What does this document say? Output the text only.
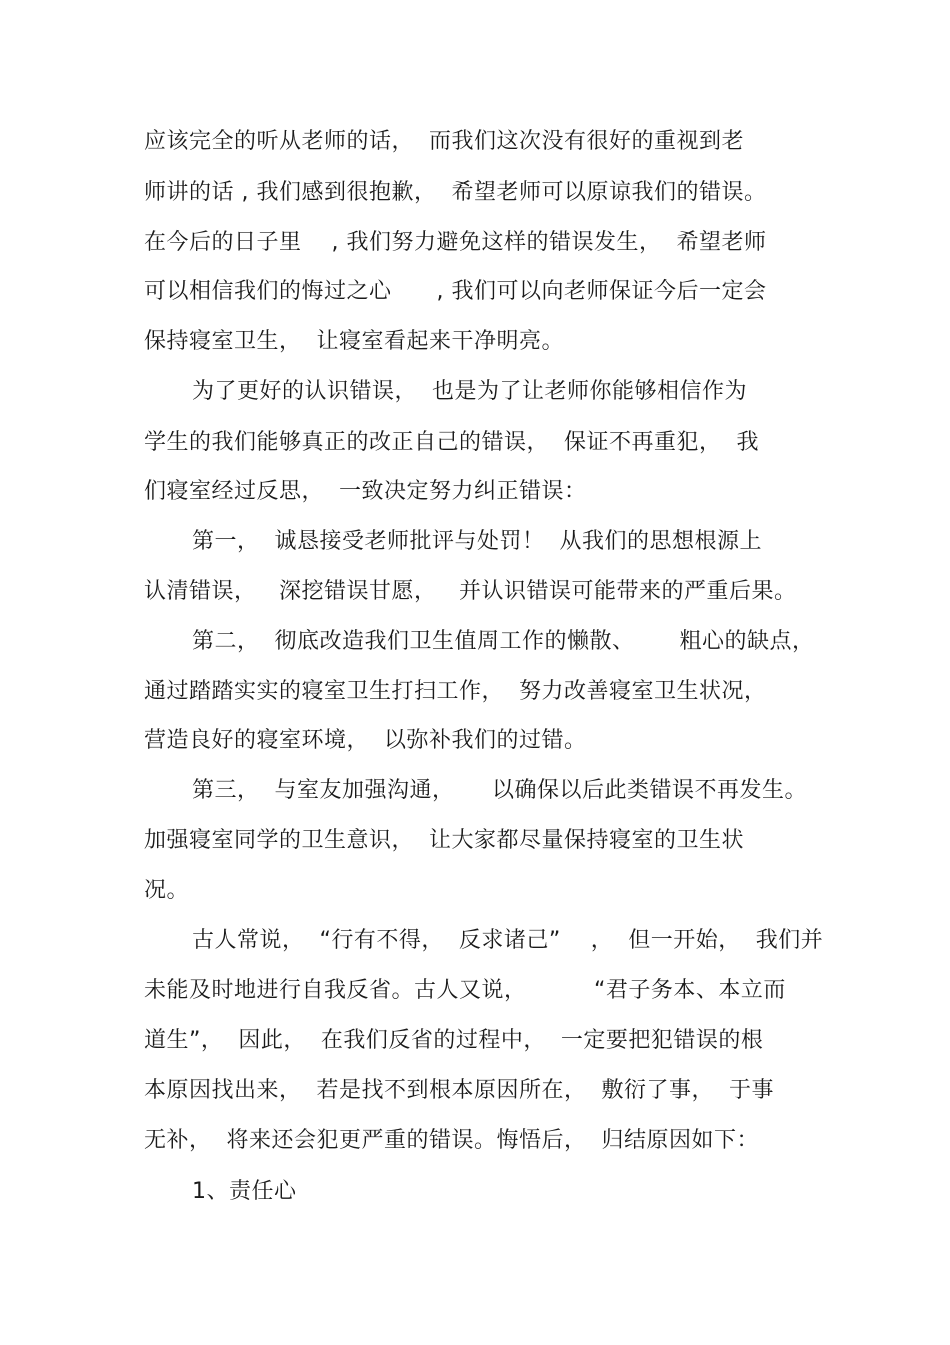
应该完全的听从老师的话，  而我们这次没有很好的重视到老
师讲的话 , 我们感到很抱歉，  希望老师可以原谅我们的错误。
在今后的日子里    , 我们努力避免这样的错误发生，  希望老师
可以相信我们的悔过之心      , 我们可以向老师保证今后一定会
保持寝室卫生，  让寝室看起来干净明亮。
为了更好的认识错误，  也是为了让老师你能够相信作为
学生的我们能够真正的改正自己的错误，  保证不再重犯，  我
们寝室经过反思，  一致决定努力纠正错误：
第一，  诚恳接受老师批评与处罚！  从我们的思想根源上
认清错误，   深挖错误甘愿，   并认识错误可能带来的严重后果。
第二，  彻底改造我们卫生值周工作的懒散、      粗心的缺点，
通过踏踏实实的寝室卫生打扫工作，  努力改善寝室卫生状况，
营造良好的寝室环境，  以弥补我们的过错。
第三，  与室友加强沟通，     以确保以后此类错误不再发生。
加强寝室同学的卫生意识，  让大家都尽量保持寝室的卫生状
况。
古人常说，  “行有不得，  反求诸己”    ，  但一开始，  我们并
未能及时地进行自我反省。古人又说，         “君子务本、本立而
道生”，  因此，  在我们反省的过程中，  一定要把犯错误的根
本原因找出来，  若是找不到根本原因所在，  敷衍了事，  于事
无补，  将来还会犯更严重的错误。悔悟后，  归结原因如下：
1、责任心
